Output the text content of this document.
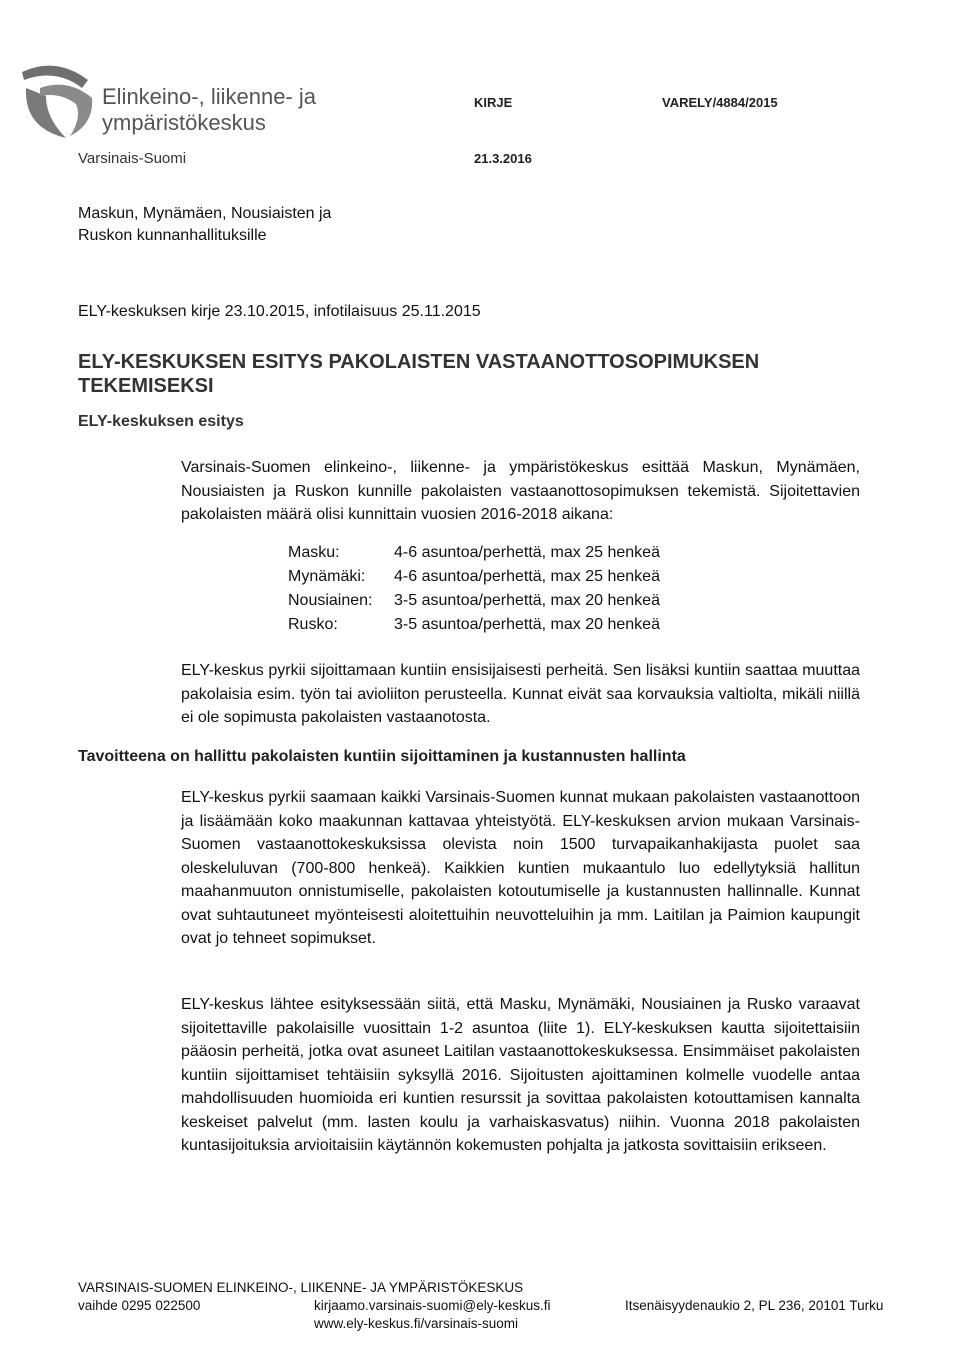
Elinkeino-, liikenne- ja
ympäristökeskus
Varsinais-Suomi
KIRJE	VARELY/4884/2015
21.3.2016
Maskun, Mynämäen, Nousiaisten ja
Ruskon kunnanhallituksille
ELY-keskuksen kirje 23.10.2015, infotilaisuus 25.11.2015
ELY-KESKUKSEN ESITYS PAKOLAISTEN VASTAANOTTOSOPIMUKSEN
TEKEMISEKSI
ELY-keskuksen esitys
Varsinais-Suomen elinkeino-, liikenne- ja ympäristökeskus esittää Maskun, Mynämäen, Nousiaisten ja Ruskon kunnille pakolaisten vastaanottosopimuksen tekemistä. Sijoitettavien pakolaisten määrä olisi kunnittain vuosien 2016-2018 aikana:
Masku:	4-6 asuntoa/perhettä, max 25 henkeä
Mynämäki:	4-6 asuntoa/perhettä, max 25 henkeä
Nousiainen:	3-5 asuntoa/perhettä, max 20 henkeä
Rusko:	3-5 asuntoa/perhettä, max 20 henkeä
ELY-keskus pyrkii sijoittamaan kuntiin ensisijaisesti perheitä. Sen lisäksi kuntiin saattaa muuttaa pakolaisia esim. työn tai avioliiton perusteella. Kunnat eivät saa korvauksia valtiolta, mikäli niillä ei ole sopimusta pakolaisten vastaanotosta.
Tavoitteena on hallittu pakolaisten kuntiin sijoittaminen ja kustannusten hallinta
ELY-keskus pyrkii saamaan kaikki Varsinais-Suomen kunnat mukaan pakolaisten vastaanottoon ja lisäämään koko maakunnan kattavaa yhteistyötä. ELY-keskuksen arvion mukaan Varsinais-Suomen vastaanottokeskuksissa olevista noin 1500 turvapaikanhakijasta puolet saa oleskeluluvan (700-800 henkeä). Kaikkien kuntien mukaantulo luo edellytyksiä hallitun maahanmuuton onnistumiselle, pakolaisten kotoutumiselle ja kustannusten hallinnalle. Kunnat ovat suhtautuneet myönteisesti aloitettuihin neuvotteluihin ja mm. Laitilan ja Paimion kaupungit ovat jo tehneet sopimukset.
ELY-keskus lähtee esityksessään siitä, että Masku, Mynämäki, Nousiainen ja Rusko varaavat sijoitettaville pakolaisille vuosittain 1-2 asuntoa (liite 1). ELY-keskuksen kautta sijoitettaisiin pääosin perheitä, jotka ovat asuneet Laitilan vastaanottokeskuksessa. Ensimmäiset pakolaisten kuntiin sijoittamiset tehtäisiin syksyllä 2016. Sijoitusten ajoittaminen kolmelle vuodelle antaa mahdollisuuden huomioida eri kuntien resurssit ja sovittaa pakolaisten kotouttamisen kannalta keskeiset palvelut (mm. lasten koulu ja varhaiskasvatus) niihin. Vuonna 2018 pakolaisten kuntasijoituksia arvioitaisiin käytännön kokemusten pohjalta ja jatkosta sovittaisiin erikseen.
VARSINAIS-SUOMEN ELINKEINO-, LIIKENNE- JA YMPÄRISTÖKESKUS
vaihde 0295 022500	kirjaamo.varsinais-suomi@ely-keskus.fi
www.ely-keskus.fi/varsinais-suomi
Itsenäisyydenaukio 2, PL 236, 20101 Turku
